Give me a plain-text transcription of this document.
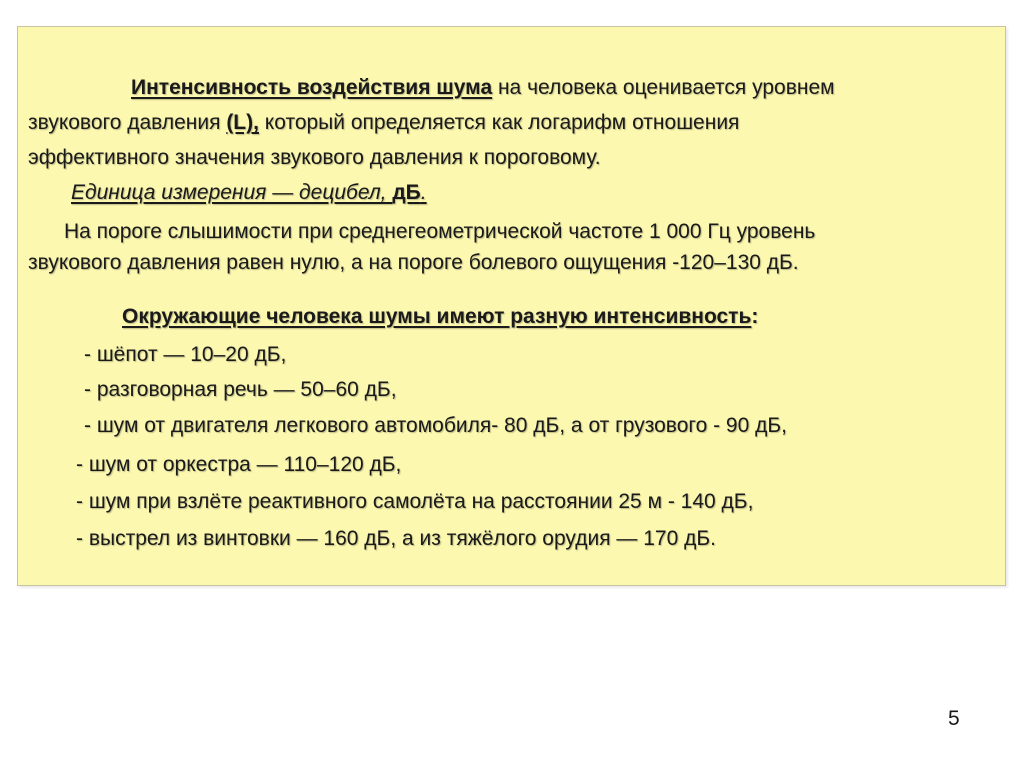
Интенсивность воздействия шума на человека оценивается уровнем
звукового давления (L), который определяется как логарифм отношения
эффективного значения звукового давления к пороговому.
Единица измерения — децибел, дБ.
На пороге слышимости при среднегеометрической частоте 1 000 Гц уровень
звукового давления равен нулю, а на пороге болевого ощущения -120–130 дБ.
Окружающие человека шумы имеют разную интенсивность:
- шёпот — 10–20 дБ,
- разговорная речь — 50–60 дБ,
- шум от двигателя легкового автомобиля- 80 дБ, а от грузового - 90 дБ,
- шум от оркестра — 110–120 дБ,
- шум при взлёте реактивного самолёта на расстоянии 25 м - 140 дБ,
- выстрел из винтовки — 160 дБ, а из тяжёлого орудия — 170 дБ.
5
